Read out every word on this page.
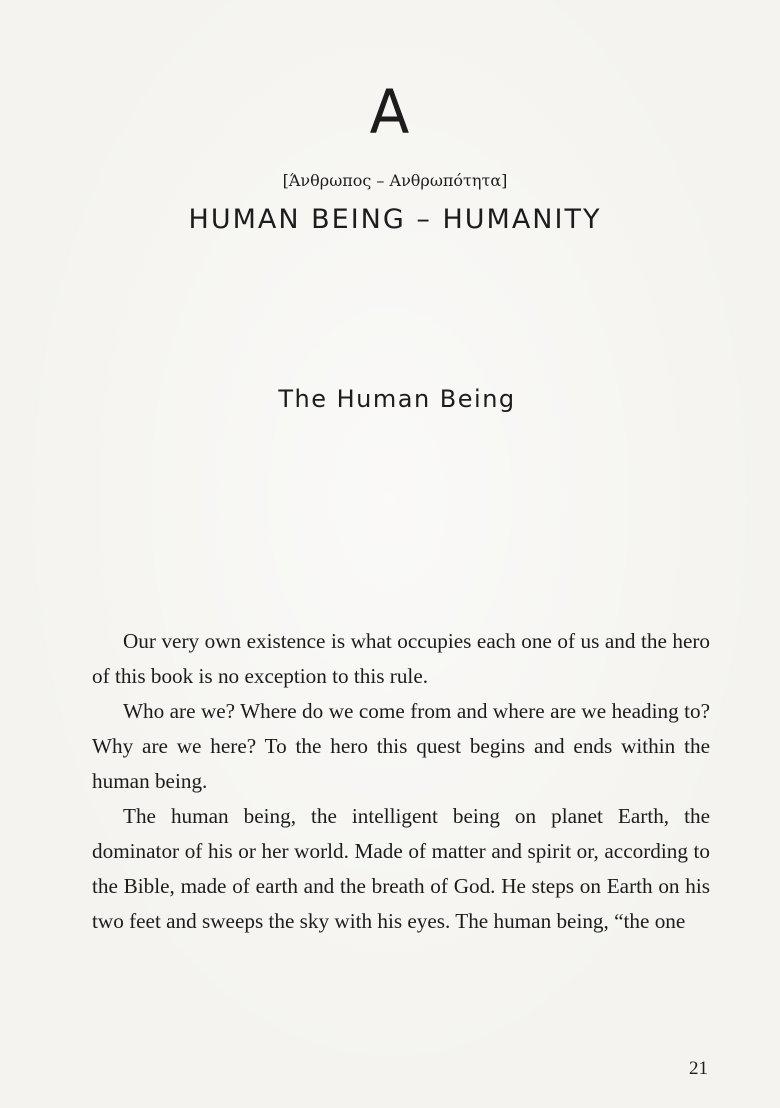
A
[Άνθρωπος – Ανθρωπότητα]
HUMAN BEING – HUMANITY
The Human Being

Our very own existence is what occupies each one of us and the hero of this book is no exception to this rule.

Who are we? Where do we come from and where are we heading to? Why are we here? To the hero this quest begins and ends within the human being.

The human being, the intelligent being on planet Earth, the dominator of his or her world. Made of matter and spirit or, according to the Bible, made of earth and the breath of God. He steps on Earth on his two feet and sweeps the sky with his eyes. The human being, “the one

21
